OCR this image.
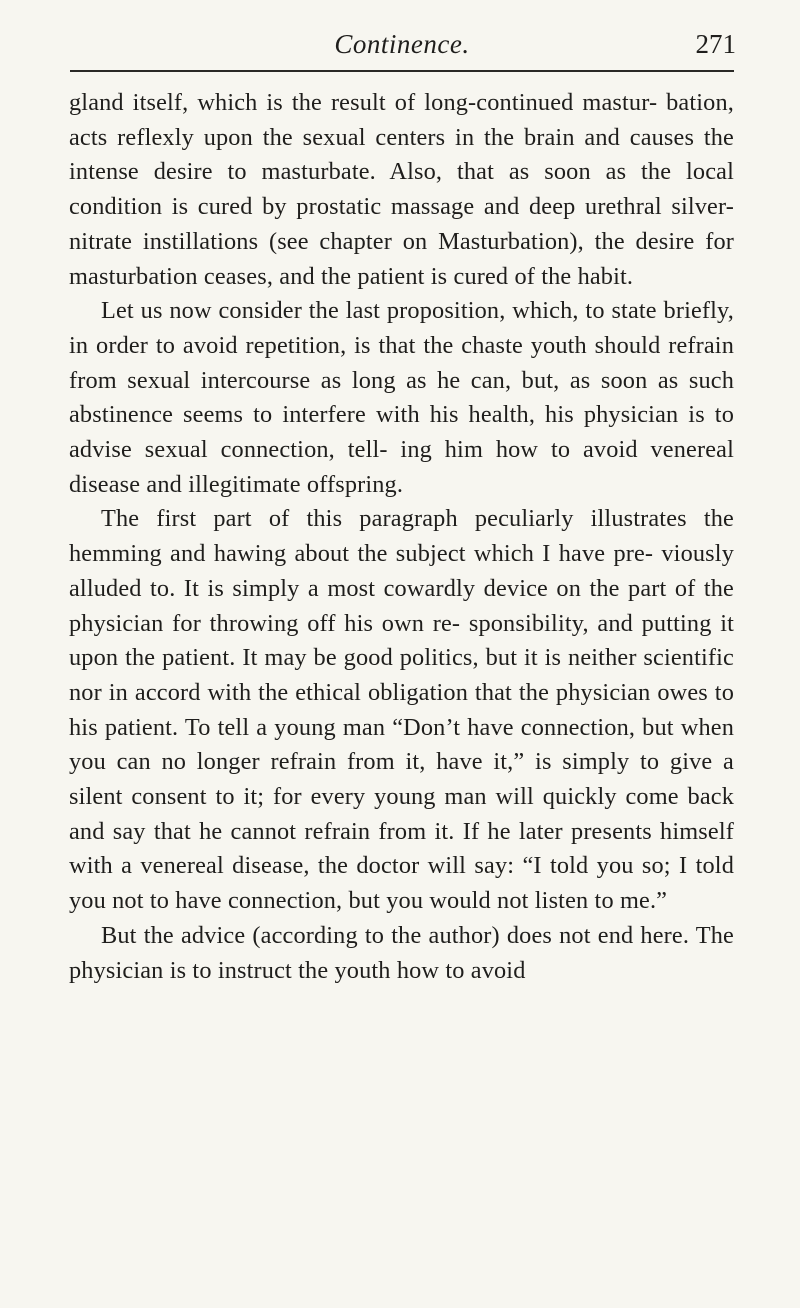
Continence.	271

gland itself, which is the result of long-continued mastur- bation, acts reflexly upon the sexual centers in the brain and causes the intense desire to masturbate. Also, that as soon as the local condition is cured by prostatic massage and deep urethral silver-nitrate instillations (see chapter on Masturbation), the desire for masturbation ceases, and the patient is cured of the habit.

Let us now consider the last proposition, which, to state briefly, in order to avoid repetition, is that the chaste youth should refrain from sexual intercourse as long as he can, but, as soon as such abstinence seems to interfere with his health, his physician is to advise sexual connection, tell- ing him how to avoid venereal disease and illegitimate offspring.

The first part of this paragraph peculiarly illustrates the hemming and hawing about the subject which I have pre- viously alluded to. It is simply a most cowardly device on the part of the physician for throwing off his own re- sponsibility, and putting it upon the patient. It may be good politics, but it is neither scientific nor in accord with the ethical obligation that the physician owes to his patient. To tell a young man “Don’t have connection, but when you can no longer refrain from it, have it,” is simply to give a silent consent to it; for every young man will quickly come back and say that he cannot refrain from it. If he later presents himself with a venereal disease, the doctor will say: “I told you so; I told you not to have connection, but you would not listen to me.”

But the advice (according to the author) does not end here. The physician is to instruct the youth how to avoid
